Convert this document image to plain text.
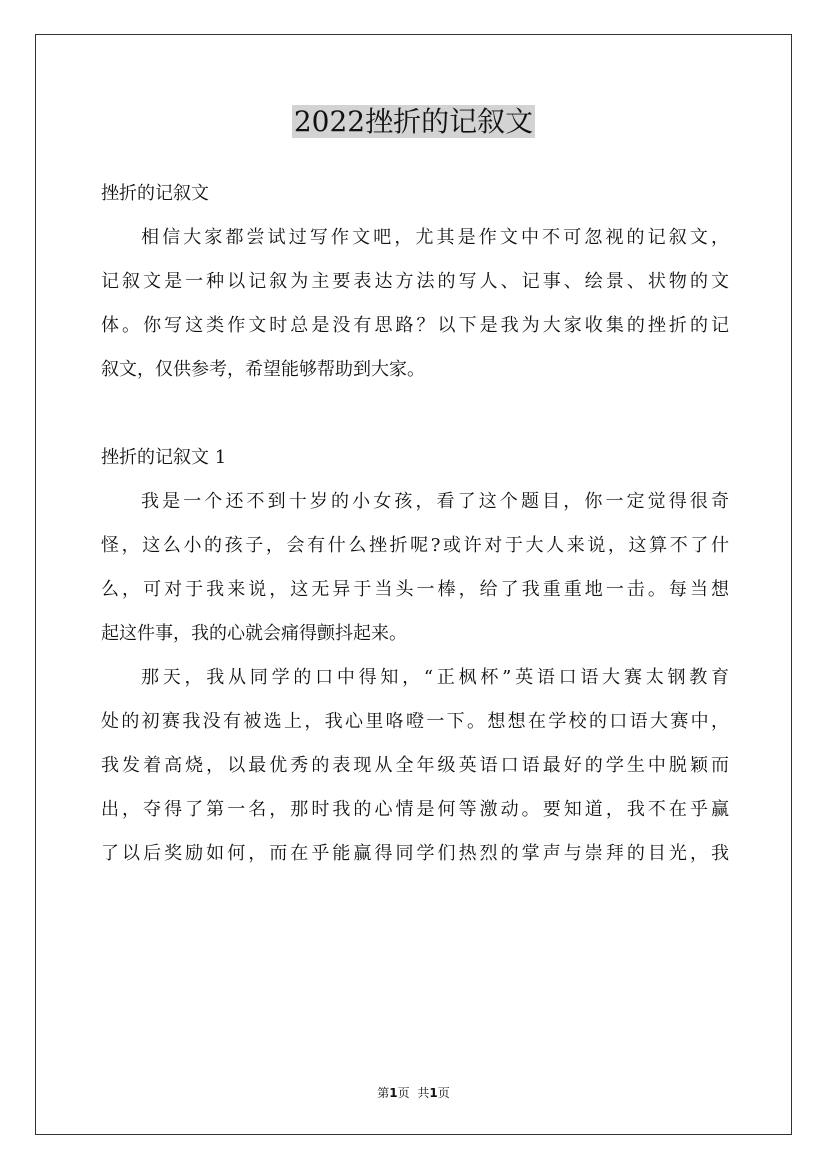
2022挫折的记叙文
挫折的记叙文
相信大家都尝试过写作文吧，尤其是作文中不可忽视的记叙文，
记叙文是一种以记叙为主要表达方法的写人、记事、绘景、状物的文
体。你写这类作文时总是没有思路？以下是我为大家收集的挫折的记
叙文，仅供参考，希望能够帮助到大家。
挫折的记叙文 1
我是一个还不到十岁的小女孩，看了这个题目，你一定觉得很奇
怪，这么小的孩子，会有什么挫折呢?或许对于大人来说，这算不了什
么，可对于我来说，这无异于当头一棒，给了我重重地一击。每当想
起这件事，我的心就会痛得颤抖起来。
那天，我从同学的口中得知，“正枫杯”英语口语大赛太钢教育
处的初赛我没有被选上，我心里咯噔一下。想想在学校的口语大赛中，
我发着高烧，以最优秀的表现从全年级英语口语最好的学生中脱颖而
出，夺得了第一名，那时我的心情是何等激动。要知道，我不在乎赢
了以后奖励如何，而在乎能赢得同学们热烈的掌声与崇拜的目光，我
第1页 共1页
